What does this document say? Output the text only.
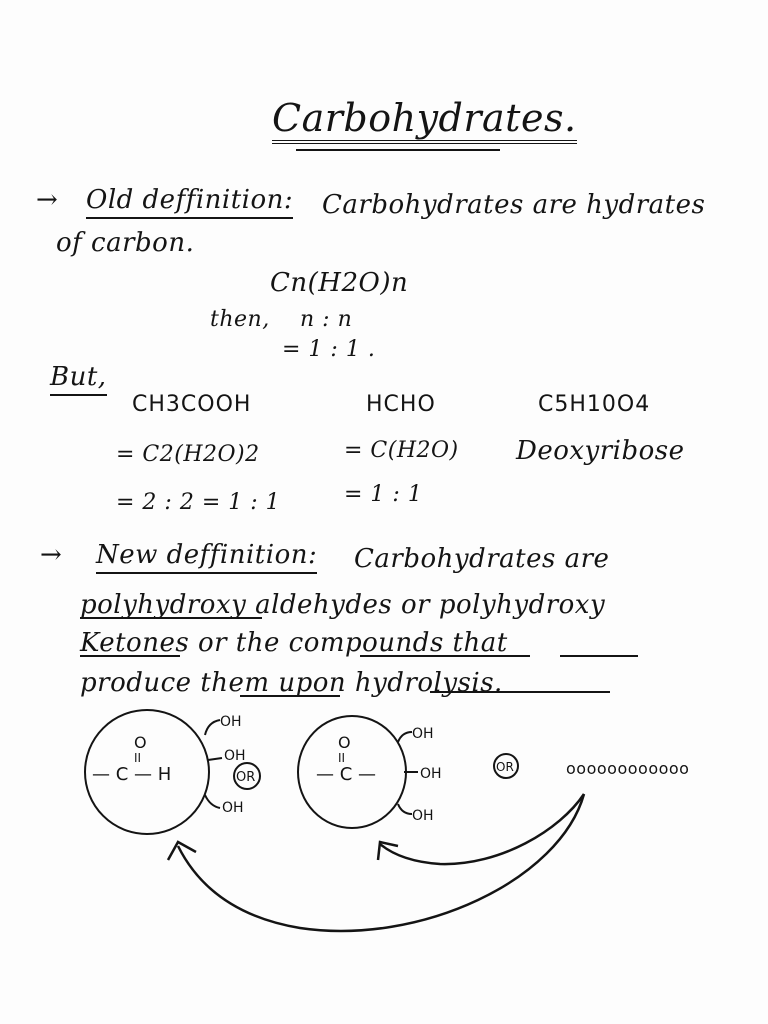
Carbohydrates.
→ Old deffinition: Carbohydrates are hydrates
of carbon.
Cn(H2O)n
then, n : n
= 1 : 1 .
But,
CH3COOH	HCHO	C5H10O4
= C2(H2O)2	= C(H2O) Deoxyribose
= 2 : 2 = 1 : 1	= 1 : 1
→ New deffinition: Carbohydrates are
polyhydroxy aldehydes or polyhydroxy
Ketones or the compounds that
produce them upon hydrolysis.
O
II
— C — H
OH
OH
OH
OR
O
II
— C —
OH
OH
OH
OR	oooooooooooo
